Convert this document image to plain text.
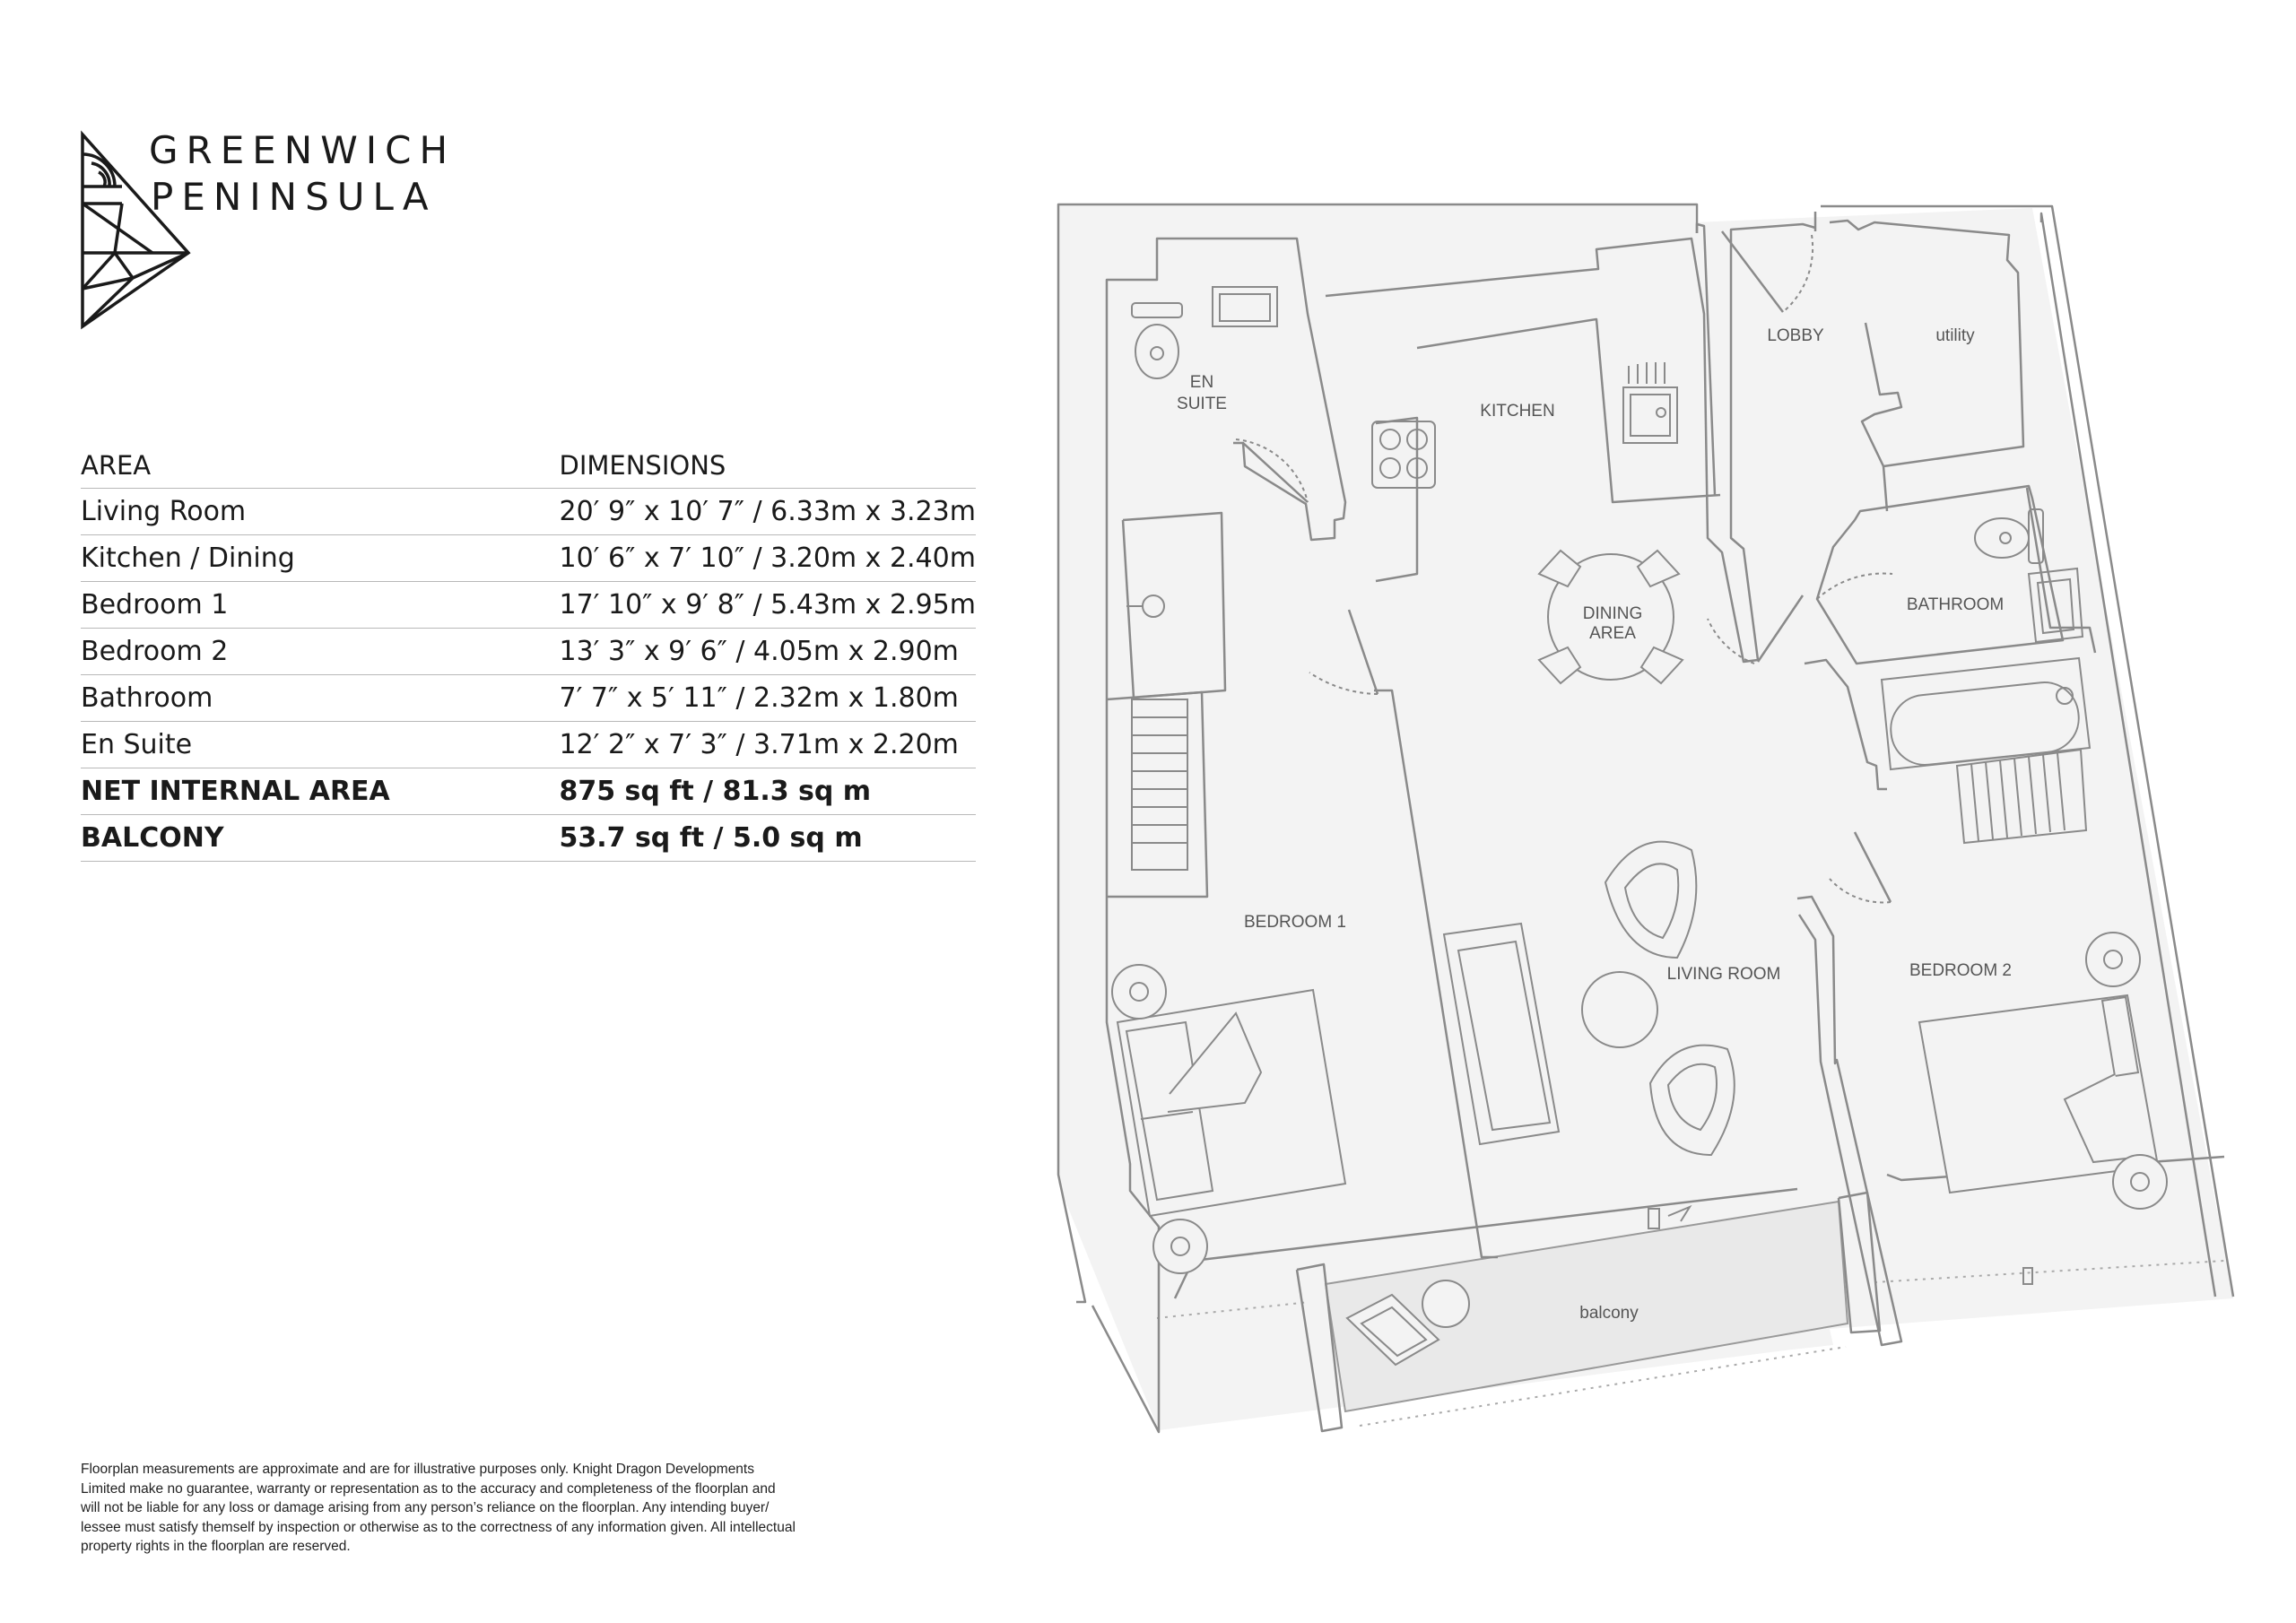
GREENWICH
PENINSULA
AREA	DIMENSIONS
Living Room	20′ 9″ x 10′ 7″ / 6.33m x 3.23m
Kitchen / Dining	10′ 6″ x 7′ 10″ / 3.20m x 2.40m
Bedroom 1	17′ 10″ x 9′ 8″ / 5.43m x 2.95m
Bedroom 2	13′ 3″ x 9′ 6″ / 4.05m x 2.90m
Bathroom	7′ 7″ x 5′ 11″ / 2.32m x 1.80m
En Suite	12′ 2″ x 7′ 3″ / 3.71m x 2.20m
NET INTERNAL AREA	875 sq ft / 81.3 sq m
BALCONY	53.7 sq ft / 5.0 sq m
EN
SUITE	KITCHEN
LOBBY	utility
DINING
AREA
BATHROOM
BEDROOM 1
LIVING ROOM	BEDROOM 2
balcony
Floorplan measurements are approximate and are for illustrative purposes only. Knight Dragon Developments
Limited make no guarantee, warranty or representation as to the accuracy and completeness of the floorplan and
will not be liable for any loss or damage arising from any person’s reliance on the floorplan. Any intending buyer/
lessee must satisfy themself by inspection or otherwise as to the correctness of any information given. All intellectual
property rights in the floorplan are reserved.
